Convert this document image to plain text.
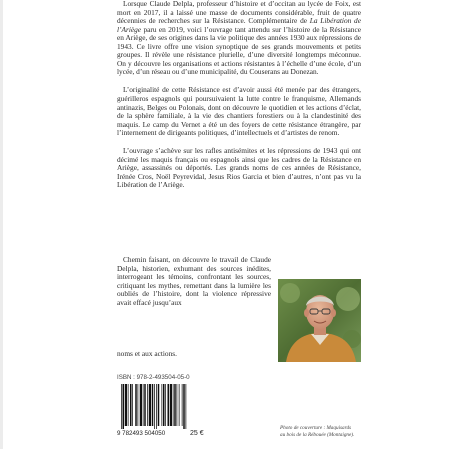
Lorsque Claude Delpla, professeur d’histoire et d’occitan au lycée de Foix, est mort en 2017, il a laissé une masse de documents considérable, fruit de quatre décennies de recherches sur la Résistance. Complémentaire de La Libération de l’Ariège paru en 2019, voici l’ouvrage tant attendu sur l’histoire de la Résistance en Ariège, de ses origines dans la vie politique des années 1930 aux répressions de 1943. Ce livre offre une vision synoptique de ses grands mouvements et petits groupes. Il révèle une résistance plurielle, d’une diversité longtemps méconnue. On y découvre les organisations et actions résistantes à l’échelle d’une école, d’un lycée, d’un réseau ou d’une municipalité, du Couserans au Donezan.

L’originalité de cette Résistance est d’avoir aussi été menée par des étrangers, guérilleros espagnols qui poursuivaient la lutte contre le franquisme, Allemands antinazis, Belges ou Polonais, dont on découvre le quotidien et les actions d’éclat, de la sphère familiale, à la vie des chantiers forestiers ou à la clandestinité des maquis. Le camp du Vernet a été un des foyers de cette résistance étrangère, par l’internement de dirigeants politiques, d’intellectuels et d’artistes de renom.

L’ouvrage s’achève sur les rafles antisémites et les répressions de 1943 qui ont décimé les maquis français ou espagnols ainsi que les cadres de la Résistance en Ariège, assassinés ou déportés. Les grands noms de ces années de Résistance, Irénée Cros, Noël Peyrevidal, Jesus Rios Garcia et bien d’autres, n’ont pas vu la Libération de l’Ariège.

Chemin faisant, on découvre le travail de Claude Delpla, historien, exhumant des sources inédites, interrogeant les témoins, confrontant les sources, critiquant les mythes, remettant dans la lumière les oubliés de l’histoire, dont la violence répressive avait effacé jusqu’aux
noms et aux actions.
ISBN : 978-2-493504-05-0
9 782493 504050	25 €
Photo de couverture : Maquisards
au bois de la Rébouée (Montaigne).
